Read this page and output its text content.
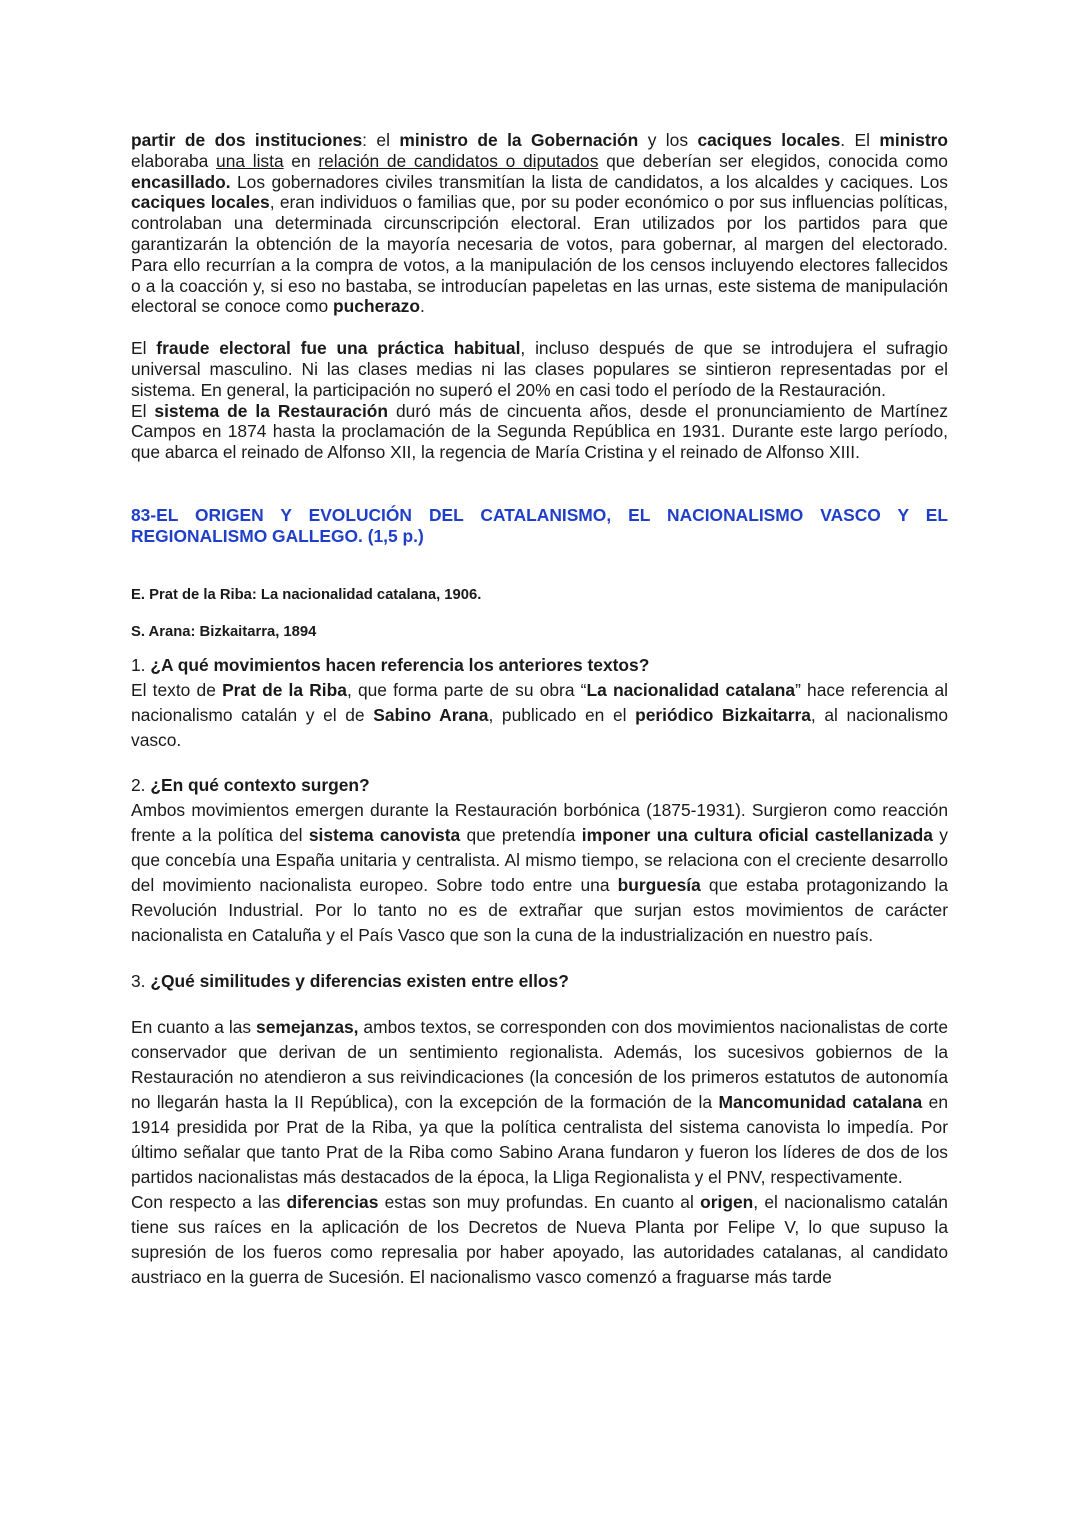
partir de dos instituciones: el ministro de la Gobernación y los caciques locales. El ministro elaboraba una lista en relación de candidatos o diputados que deberían ser elegidos, conocida como encasillado. Los gobernadores civiles transmitían la lista de candidatos, a los alcaldes y caciques. Los caciques locales, eran individuos o familias que, por su poder económico o por sus influencias políticas, controlaban una determinada circunscripción electoral. Eran utilizados por los partidos para que garantizarán la obtención de la mayoría necesaria de votos, para gobernar, al margen del electorado. Para ello recurrían a la compra de votos, a la manipulación de los censos incluyendo electores fallecidos o a la coacción y, si eso no bastaba, se introducían papeletas en las urnas, este sistema de manipulación electoral se conoce como pucherazo.

El fraude electoral fue una práctica habitual, incluso después de que se introdujera el sufragio universal masculino. Ni las clases medias ni las clases populares se sintieron representadas por el sistema. En general, la participación no superó el 20% en casi todo el período de la Restauración.

El sistema de la Restauración duró más de cincuenta años, desde el pronunciamiento de Martínez Campos en 1874 hasta la proclamación de la Segunda República en 1931. Durante este largo período, que abarca el reinado de Alfonso XII, la regencia de María Cristina y el reinado de Alfonso XIII.

83-EL ORIGEN Y EVOLUCIÓN DEL CATALANISMO, EL NACIONALISMO VASCO Y EL REGIONALISMO GALLEGO. (1,5 p.)

E. Prat de la Riba: La nacionalidad catalana, 1906.

S. Arana: Bizkaitarra, 1894

1. ¿A qué movimientos hacen referencia los anteriores textos?

El texto de Prat de la Riba, que forma parte de su obra “La nacionalidad catalana” hace referencia al nacionalismo catalán y el de Sabino Arana, publicado en el periódico Bizkaitarra, al nacionalismo vasco.

2. ¿En qué contexto surgen?

Ambos movimientos emergen durante la Restauración borbónica (1875-1931). Surgieron como reacción frente a la política del sistema canovista que pretendía imponer una cultura oficial castellanizada y que concebía una España unitaria y centralista. Al mismo tiempo, se relaciona con el creciente desarrollo del movimiento nacionalista europeo. Sobre todo entre una burguesía que estaba protagonizando la Revolución Industrial. Por lo tanto no es de extrañar que surjan estos movimientos de carácter nacionalista en Cataluña y el País Vasco que son la cuna de la industrialización en nuestro país.

3. ¿Qué similitudes y diferencias existen entre ellos?

En cuanto a las semejanzas, ambos textos, se corresponden con dos movimientos nacionalistas de corte conservador que derivan de un sentimiento regionalista. Además, los sucesivos gobiernos de la Restauración no atendieron a sus reivindicaciones (la concesión de los primeros estatutos de autonomía no llegarán hasta la II República), con la excepción de la formación de la Mancomunidad catalana en 1914 presidida por Prat de la Riba, ya que la política centralista del sistema canovista lo impedía. Por último señalar que tanto Prat de la Riba como Sabino Arana fundaron y fueron los líderes de dos de los partidos nacionalistas más destacados de la época, la Lliga Regionalista y el PNV, respectivamente.

Con respecto a las diferencias estas son muy profundas. En cuanto al origen, el nacionalismo catalán tiene sus raíces en la aplicación de los Decretos de Nueva Planta por Felipe V, lo que supuso la supresión de los fueros como represalia por haber apoyado, las autoridades catalanas, al candidato austriaco en la guerra de Sucesión. El nacionalismo vasco comenzó a fraguarse más tarde
